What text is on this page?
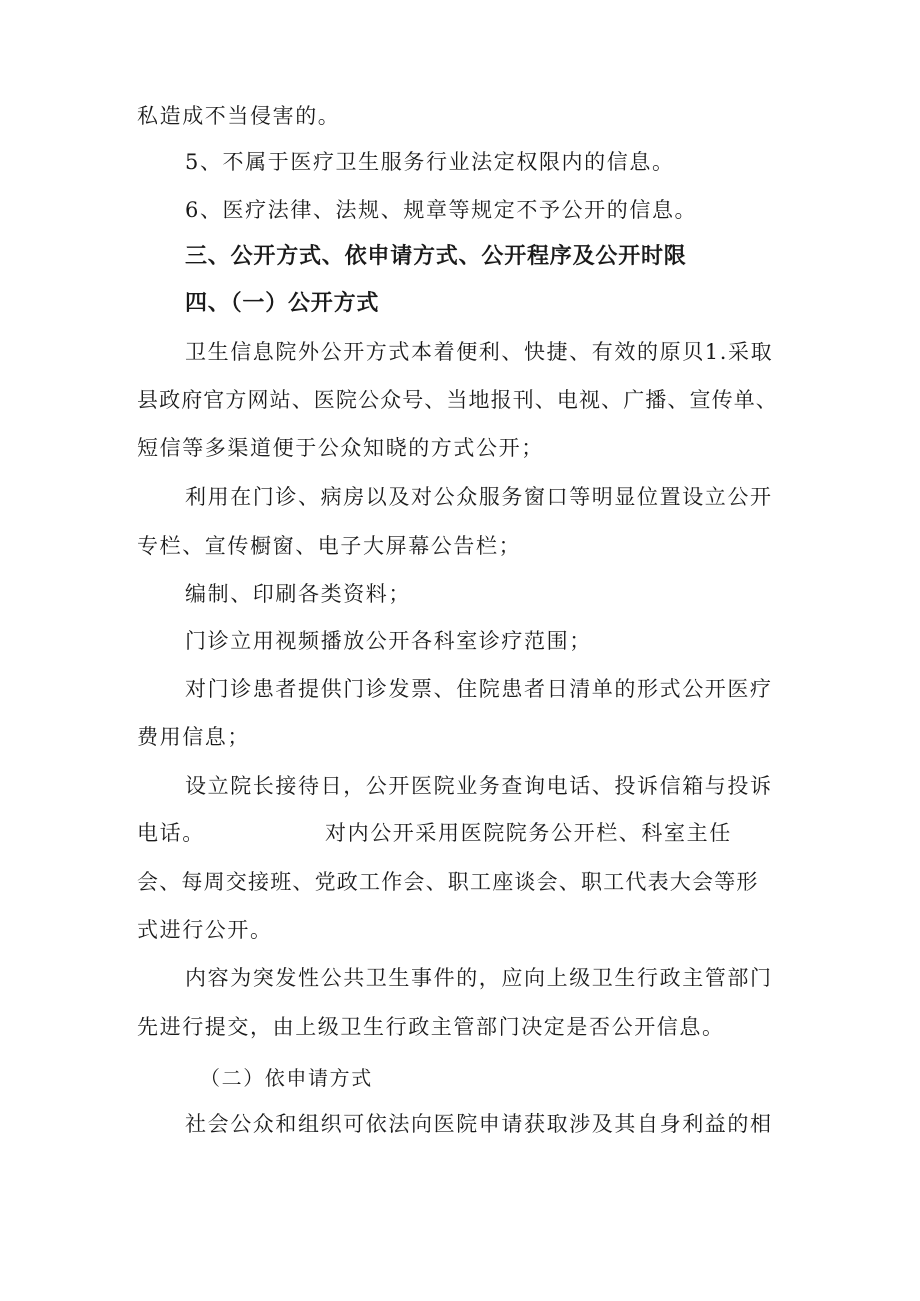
私造成不当侵害的。
5、不属于医疗卫生服务行业法定权限内的信息。
6、医疗法律、法规、规章等规定不予公开的信息。
三、公开方式、依申请方式、公开程序及公开时限
四、（一）公开方式
卫生信息院外公开方式本着便利、快捷、有效的原贝1.采取
县政府官方网站、医院公众号、当地报刊、电视、广播、宣传单、
短信等多渠道便于公众知晓的方式公开；
利用在门诊、病房以及对公众服务窗口等明显位置设立公开
专栏、宣传橱窗、电子大屏幕公告栏；
编制、印刷各类资料；
门诊立用视频播放公开各科室诊疗范围；
对门诊患者提供门诊发票、住院患者日清单的形式公开医疗
费用信息；
设立院长接待日，公开医院业务查询电话、投诉信箱与投诉
电话。	对内公开采用医院院务公开栏、科室主任
会、每周交接班、党政工作会、职工座谈会、职工代表大会等形
式进行公开。
内容为突发性公共卫生事件的，应向上级卫生行政主管部门
先进行提交，由上级卫生行政主管部门决定是否公开信息。
（二）依申请方式
社会公众和组织可依法向医院申请获取涉及其自身利益的相
